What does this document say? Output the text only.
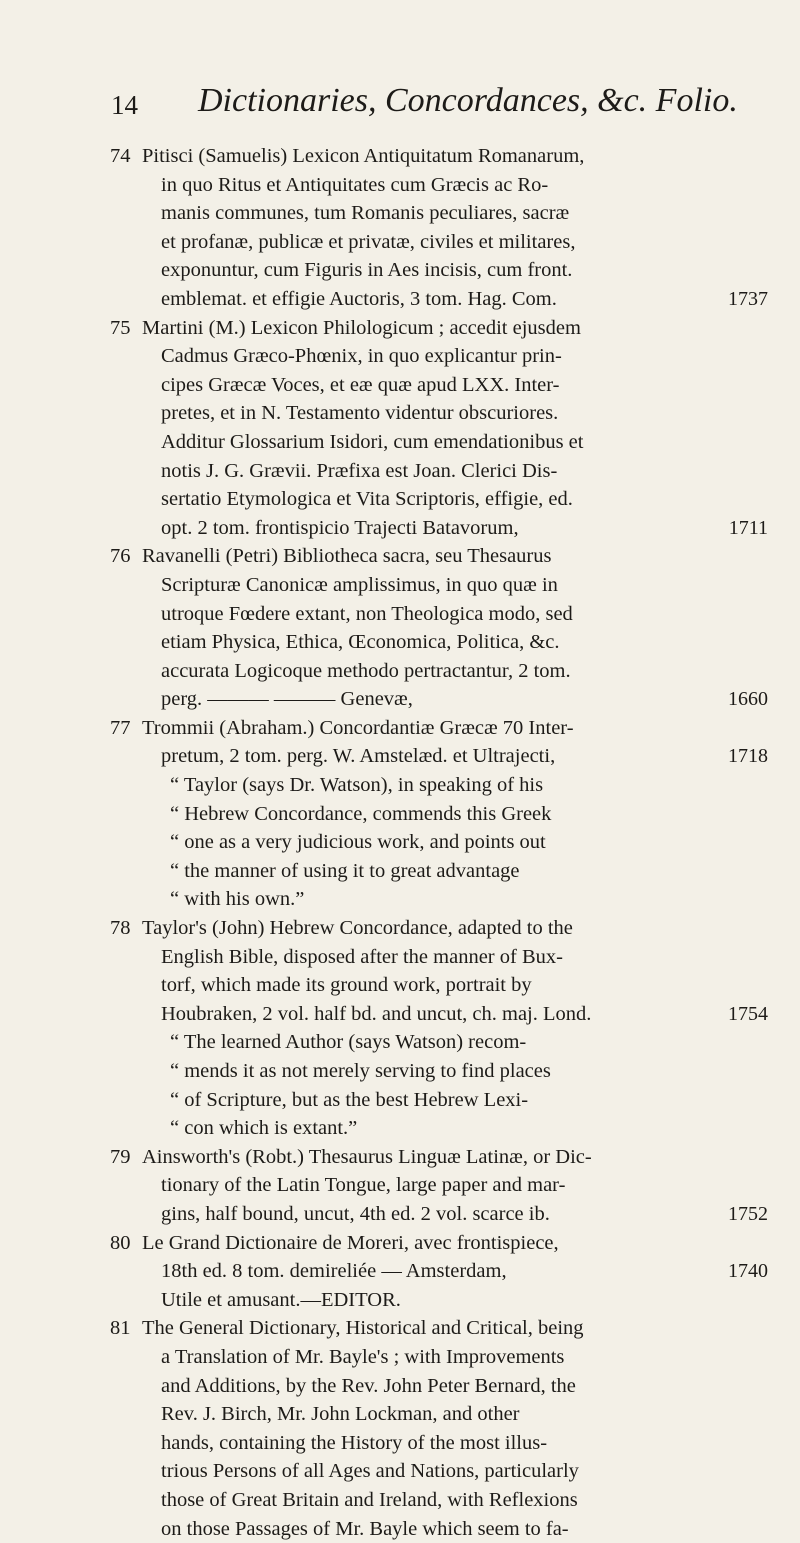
14 Dictionaries, Concordances, &c. Folio.
74 Pitisci (Samuelis) Lexicon Antiquitatum Romanarum,
in quo Ritus et Antiquitates cum Græcis ac Ro-
manis communes, tum Romanis peculiares, sacræ
et profanæ, publicæ et privatæ, civiles et militares,
exponuntur, cum Figuris in Aes incisis, cum front.
emblemat. et effigie Auctoris, 3 tom. Hag. Com.	1737
75 Martini (M.) Lexicon Philologicum ; accedit ejusdem
Cadmus Græco-Phœnix, in quo explicantur prin-
cipes Græcæ Voces, et eæ quæ apud LXX. Inter-
pretes, et in N. Testamento videntur obscuriores.
Additur Glossarium Isidori, cum emendationibus et
notis J. G. Grævii. Præfixa est Joan. Clerici Dis-
sertatio Etymologica et Vita Scriptoris, effigie, ed.
opt. 2 tom. frontispicio Trajecti Batavorum,	1711
76 Ravanelli (Petri) Bibliotheca sacra, seu Thesaurus
Scripturæ Canonicæ amplissimus, in quo quæ in
utroque Fœdere extant, non Theologica modo, sed
etiam Physica, Ethica, Œconomica, Politica, &c.
accurata Logicoque methodo pertractantur, 2 tom.
perg. ——— ——— Genevæ,	1660
77 Trommii (Abraham.) Concordantiæ Græcæ 70 Inter-
pretum, 2 tom. perg. W. Amstelæd. et Ultrajecti,	1718
“ Taylor (says Dr. Watson), in speaking of his
“ Hebrew Concordance, commends this Greek
“ one as a very judicious work, and points out
“ the manner of using it to great advantage
“ with his own.”
78 Taylor's (John) Hebrew Concordance, adapted to the
English Bible, disposed after the manner of Bux-
torf, which made its ground work, portrait by
Houbraken, 2 vol. half bd. and uncut, ch. maj. Lond.	1754
“ The learned Author (says Watson) recom-
“ mends it as not merely serving to find places
“ of Scripture, but as the best Hebrew Lexi-
“ con which is extant.”
79 Ainsworth's (Robt.) Thesaurus Linguæ Latinæ, or Dic-
tionary of the Latin Tongue, large paper and mar-
gins, half bound, uncut, 4th ed. 2 vol. scarce ib.	1752
80 Le Grand Dictionaire de Moreri, avec frontispiece,
18th ed. 8 tom. demireliée — Amsterdam,	1740
Utile et amusant.—EDITOR.
81 The General Dictionary, Historical and Critical, being
a Translation of Mr. Bayle's ; with Improvements
and Additions, by the Rev. John Peter Bernard, the
Rev. J. Birch, Mr. John Lockman, and other
hands, containing the History of the most illus-
trious Persons of all Ages and Nations, particularly
those of Great Britain and Ireland, with Reflexions
on those Passages of Mr. Bayle which seem to fa-
